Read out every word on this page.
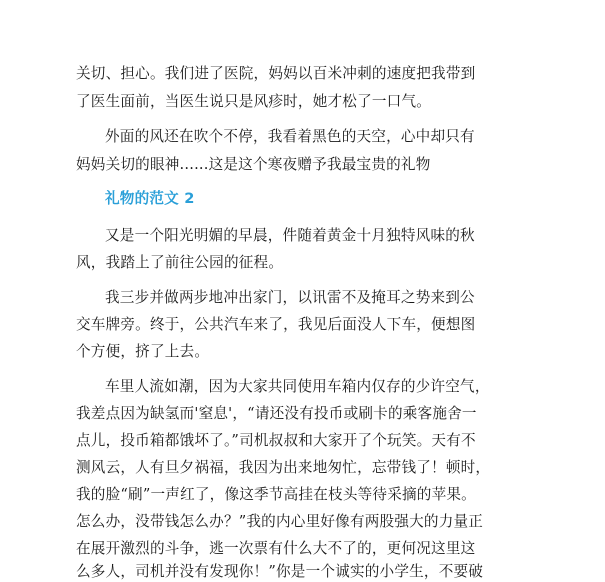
关切、担心。我们进了医院，妈妈以百米冲刺的速度把我带到
了医生面前，当医生说只是风疹时，她才松了一口气。
外面的风还在吹个不停，我看着黑色的天空，心中却只有
妈妈关切的眼神......这是这个寒夜赠予我最宝贵的礼物
礼物的范文 2
又是一个阳光明媚的早晨，件随着黄金十月独特风味的秋
风，我踏上了前往公园的征程。
我三步并做两步地冲出家门，以讯雷不及掩耳之势来到公
交车牌旁。终于，公共汽车来了，我见后面没人下车，便想图
个方便，挤了上去。
车里人流如潮，因为大家共同使用车箱内仅存的少许空气，
我差点因为缺氢而'窒息'，“请还没有投币或刷卡的乘客施舍一
点儿，投币箱都饿坏了。”司机叔叔和大家开了个玩笑。天有不
测风云，人有旦夕祸福，我因为出来地匆忙，忘带钱了！顿时，
我的脸“刷”一声红了，像这季节高挂在枝头等待采摘的苹果。
怎么办，没带钱怎么办？”我的内心里好像有两股强大的力量正
在展开激烈的斗争，逃一次票有什么大不了的，更何况这里这
么多人，司机并没有发现你！”你是一个诚实的小学生，不要破
